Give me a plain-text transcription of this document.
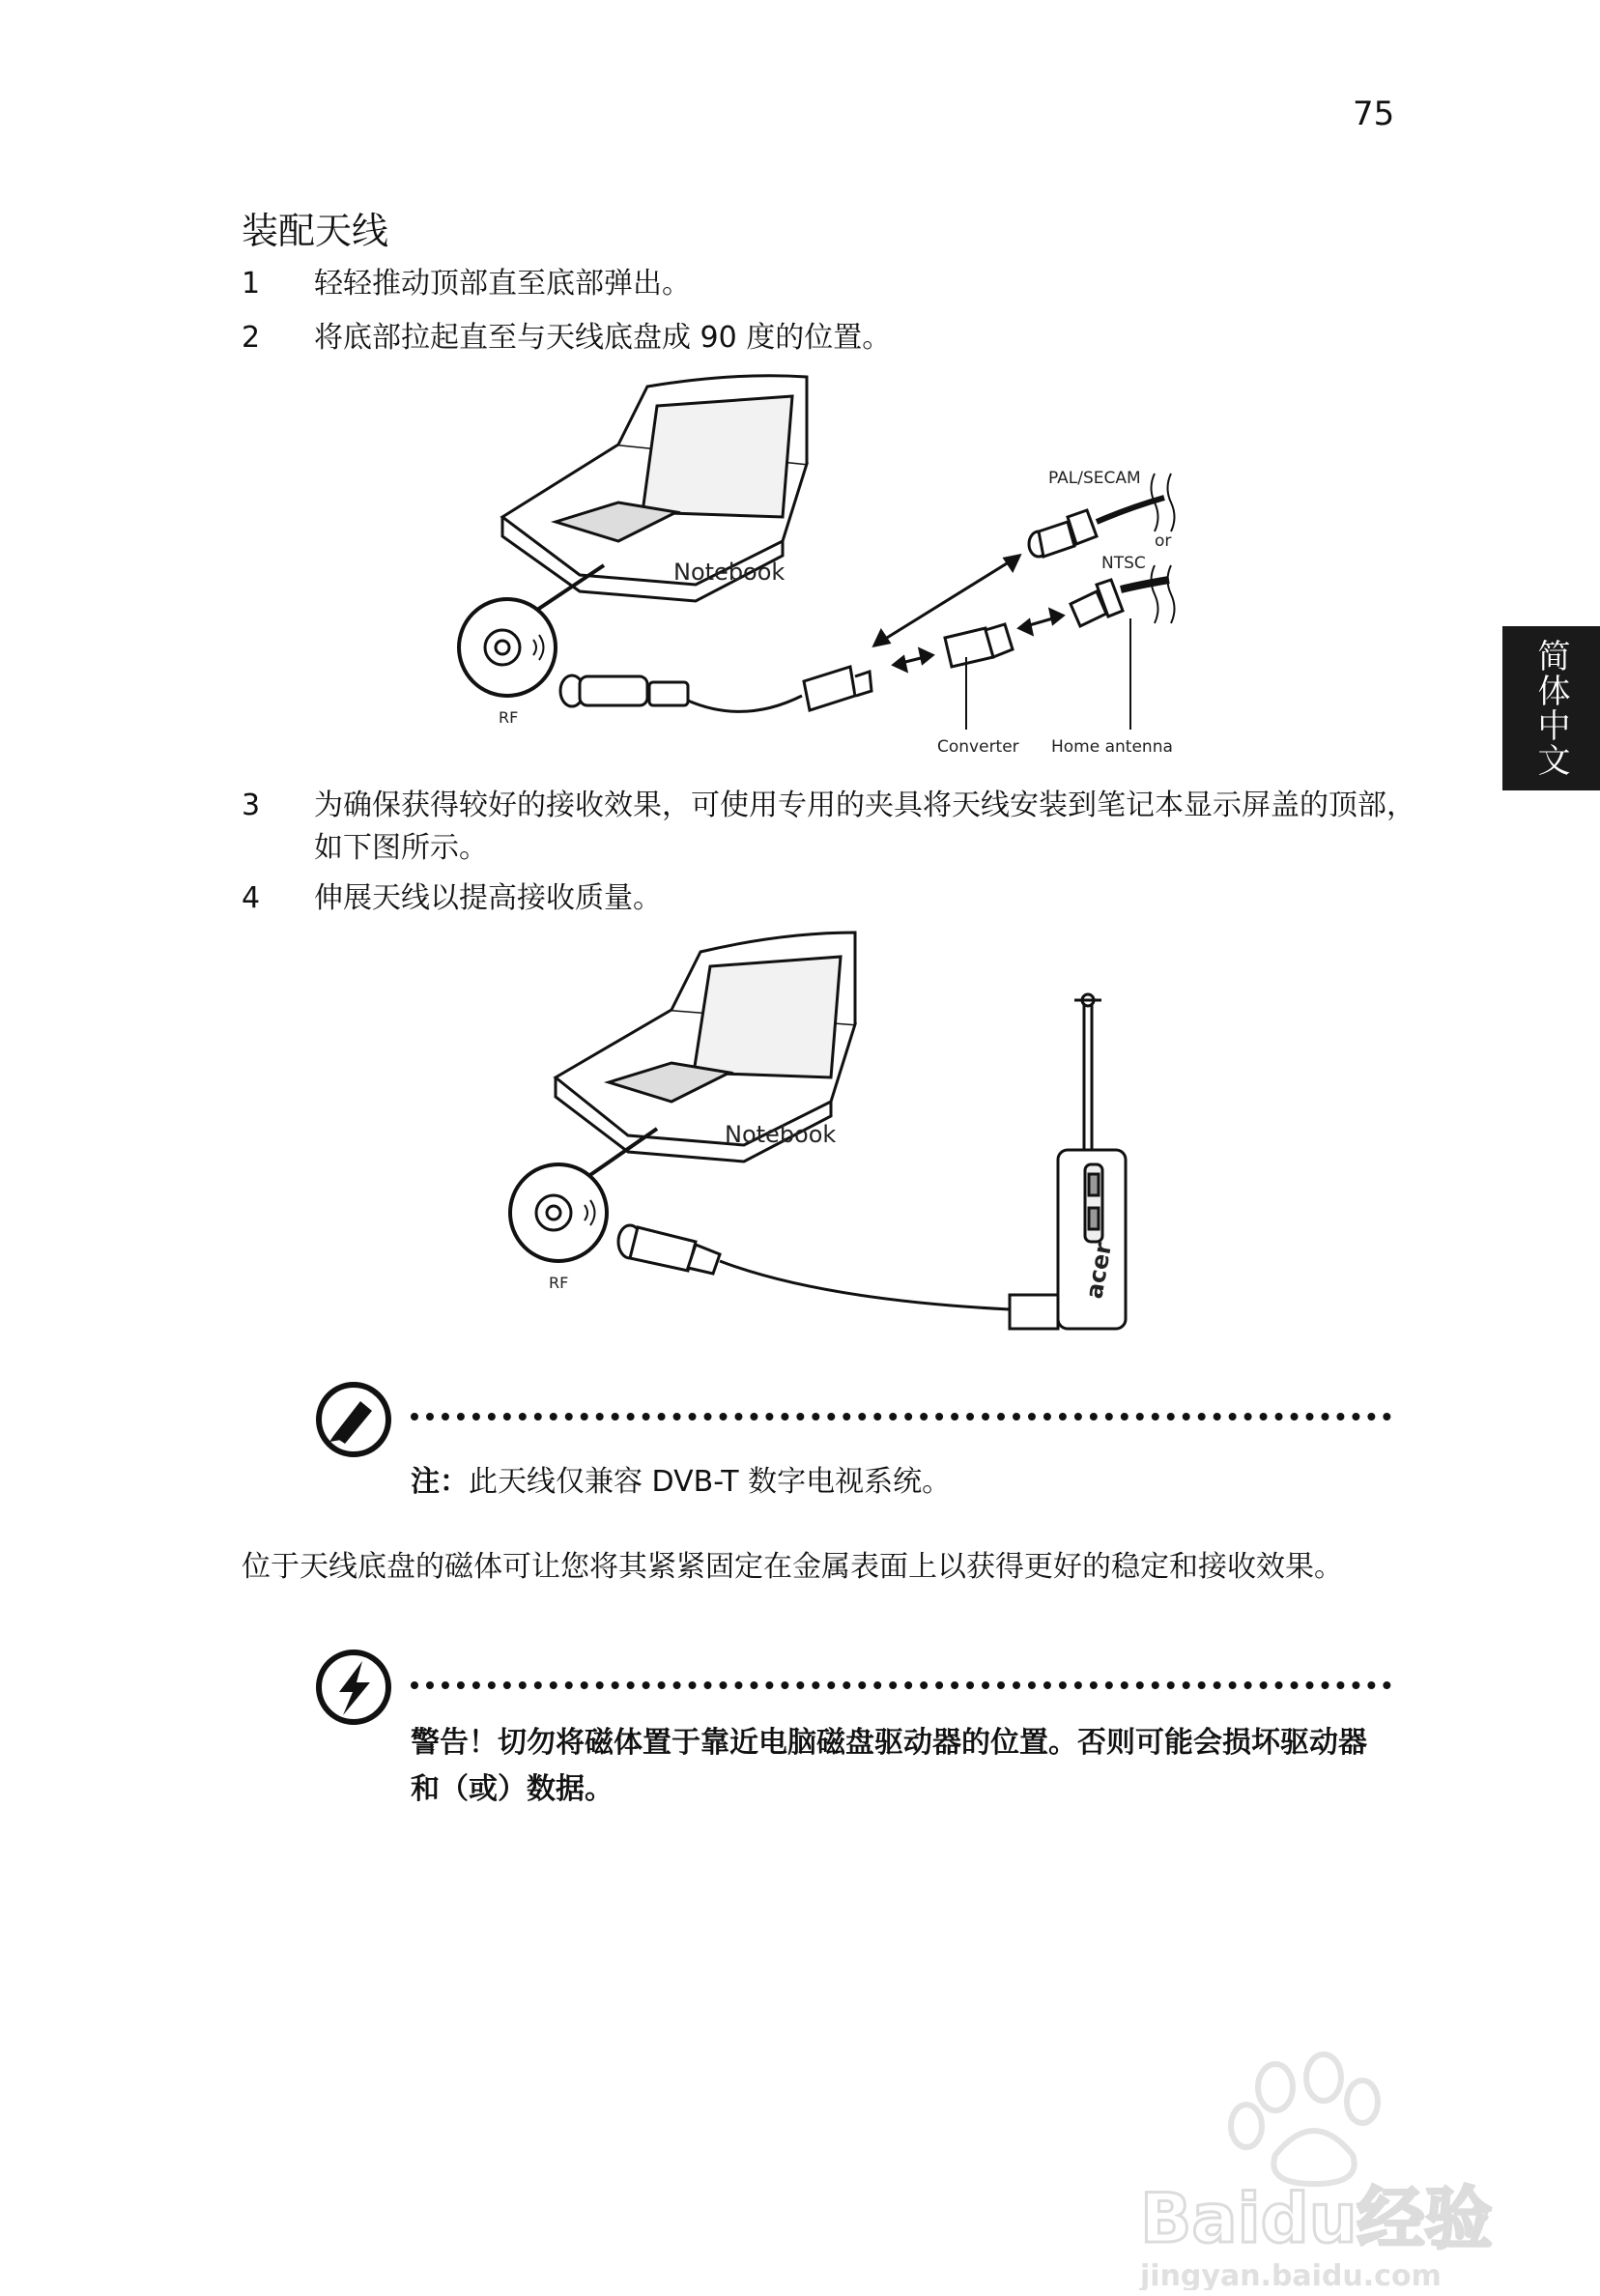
75
装配天线
1	轻轻推动顶部直至底部弹出。
2	将底部拉起直至与天线底盘成 90 度的位置。
简体中文
Notebook
PAL/SECAM
or
NTSC
RF
Converter Home antenna
3	为确保获得较好的接收效果，可使用专用的夹具将天线安装到笔记本显示屏盖的顶部，如下图所示。
4	伸展天线以提高接收质量。
acer
Notebook
RF
注：此天线仅兼容 DVB-T 数字电视系统。
位于天线底盘的磁体可让您将其紧紧固定在金属表面上以获得更好的稳定和接收效果。
警告！切勿将磁体置于靠近电脑磁盘驱动器的位置。否则可能会损坏驱动器和（或）数据。
Baidu经验
jingyan.baidu.com
